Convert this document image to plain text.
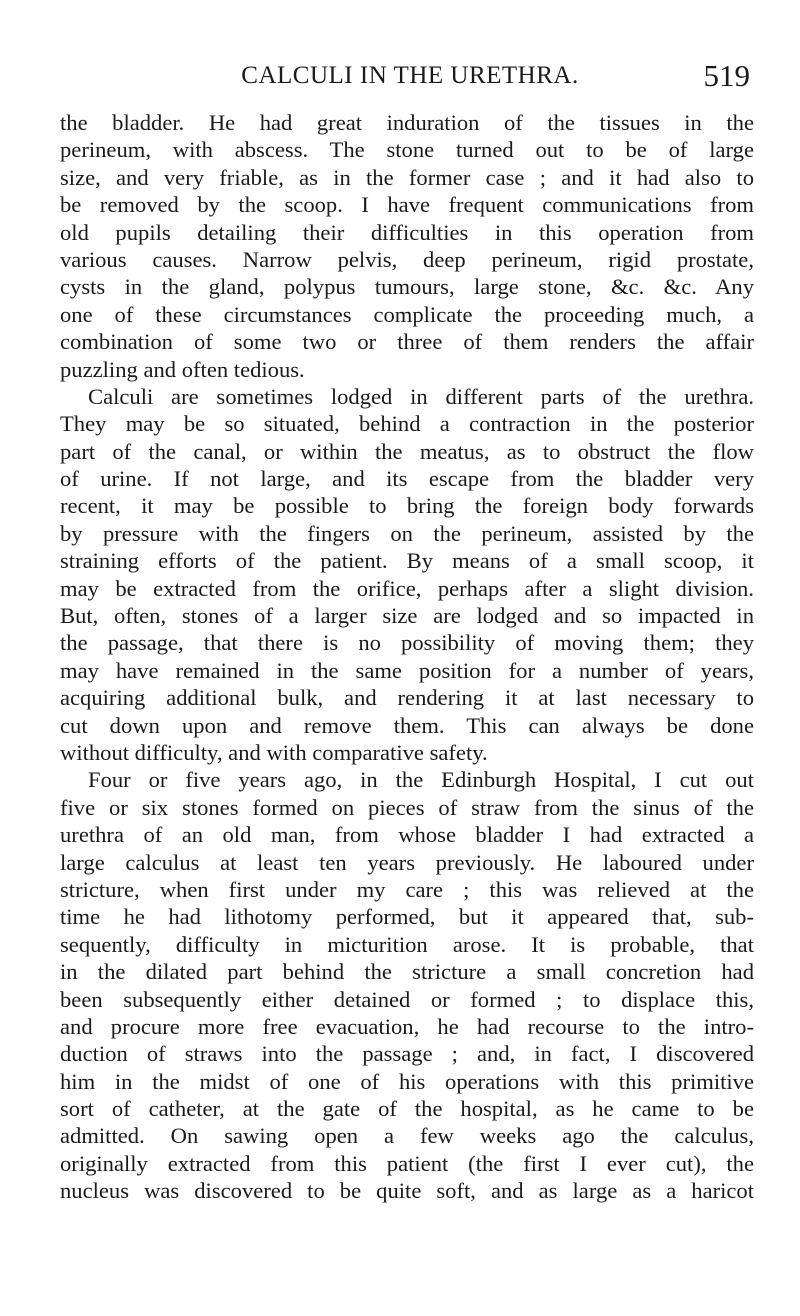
CALCULI IN THE URETHRA.	519
the bladder. He had great induration of the tissues in the
perineum, with abscess. The stone turned out to be of large
size, and very friable, as in the former case ; and it had also to
be removed by the scoop. I have frequent communications from
old pupils detailing their difficulties in this operation from
various causes. Narrow pelvis, deep perineum, rigid prostate,
cysts in the gland, polypus tumours, large stone, &c. &c. Any
one of these circumstances complicate the proceeding much, a
combination of some two or three of them renders the affair
puzzling and often tedious.
Calculi are sometimes lodged in different parts of the urethra.
They may be so situated, behind a contraction in the posterior
part of the canal, or within the meatus, as to obstruct the flow
of urine. If not large, and its escape from the bladder very
recent, it may be possible to bring the foreign body forwards
by pressure with the fingers on the perineum, assisted by the
straining efforts of the patient. By means of a small scoop, it
may be extracted from the orifice, perhaps after a slight division.
But, often, stones of a larger size are lodged and so impacted in
the passage, that there is no possibility of moving them; they
may have remained in the same position for a number of years,
acquiring additional bulk, and rendering it at last necessary to
cut down upon and remove them. This can always be done
without difficulty, and with comparative safety.
Four or five years ago, in the Edinburgh Hospital, I cut out
five or six stones formed on pieces of straw from the sinus of the
urethra of an old man, from whose bladder I had extracted a
large calculus at least ten years previously. He laboured under
stricture, when first under my care ; this was relieved at the
time he had lithotomy performed, but it appeared that, sub-
sequently, difficulty in micturition arose. It is probable, that
in the dilated part behind the stricture a small concretion had
been subsequently either detained or formed ; to displace this,
and procure more free evacuation, he had recourse to the intro-
duction of straws into the passage ; and, in fact, I discovered
him in the midst of one of his operations with this primitive
sort of catheter, at the gate of the hospital, as he came to be
admitted. On sawing open a few weeks ago the calculus,
originally extracted from this patient (the first I ever cut), the
nucleus was discovered to be quite soft, and as large as a haricot
